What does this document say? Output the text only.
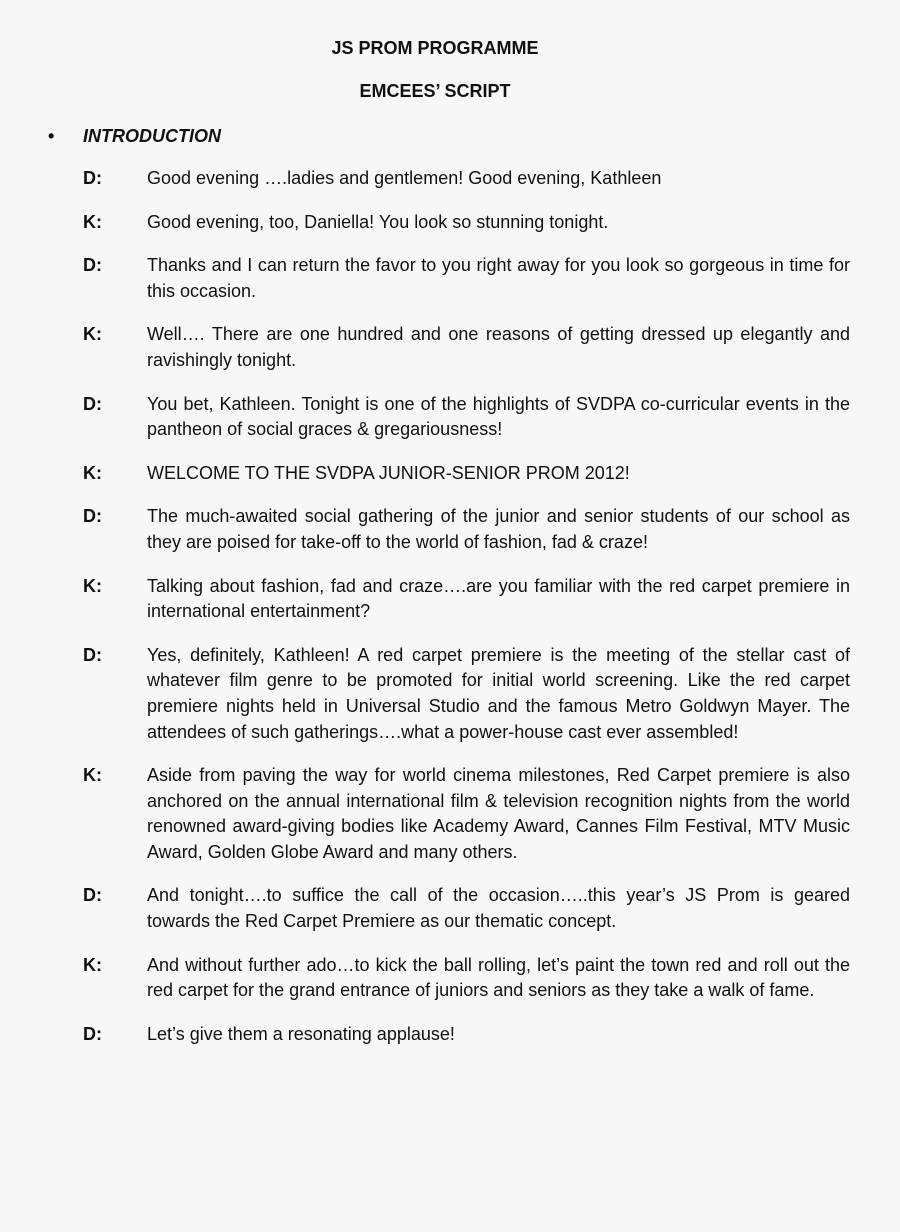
JS PROM PROGRAMME
EMCEES’ SCRIPT
• INTRODUCTION
D:	Good evening ….ladies and gentlemen! Good evening, Kathleen
K:	Good evening, too, Daniella! You look so stunning tonight.
D:	Thanks and I can return the favor to you right away for you look so gorgeous in time for this occasion.
K:	Well…. There are one hundred and one reasons of getting dressed up elegantly and ravishingly tonight.
D:	You bet, Kathleen. Tonight is one of the highlights of SVDPA co-curricular events in the pantheon of social graces & gregariousness!
K:	WELCOME TO THE SVDPA JUNIOR-SENIOR PROM 2012!
D:	The much-awaited social gathering of the junior and senior students of our school as they are poised for take-off to the world of fashion, fad & craze!
K:	Talking about fashion, fad and craze….are you familiar with the red carpet premiere in international entertainment?
D:	Yes, definitely, Kathleen! A red carpet premiere is the meeting of the stellar cast of whatever film genre to be promoted for initial world screening. Like the red carpet premiere nights held in Universal Studio and the famous Metro Goldwyn Mayer. The attendees of such gatherings….what a power-house cast ever assembled!
K:	Aside from paving the way for world cinema milestones, Red Carpet premiere is also anchored on the annual international film & television recognition nights from the world renowned award-giving bodies like Academy Award, Cannes Film Festival, MTV Music Award, Golden Globe Award and many others.
D:	And tonight….to suffice the call of the occasion…..this year’s JS Prom is geared towards the Red Carpet Premiere as our thematic concept.
K:	And without further ado…to kick the ball rolling, let’s paint the town red and roll out the red carpet for the grand entrance of juniors and seniors as they take a walk of fame.
D:	Let’s give them a resonating applause!
